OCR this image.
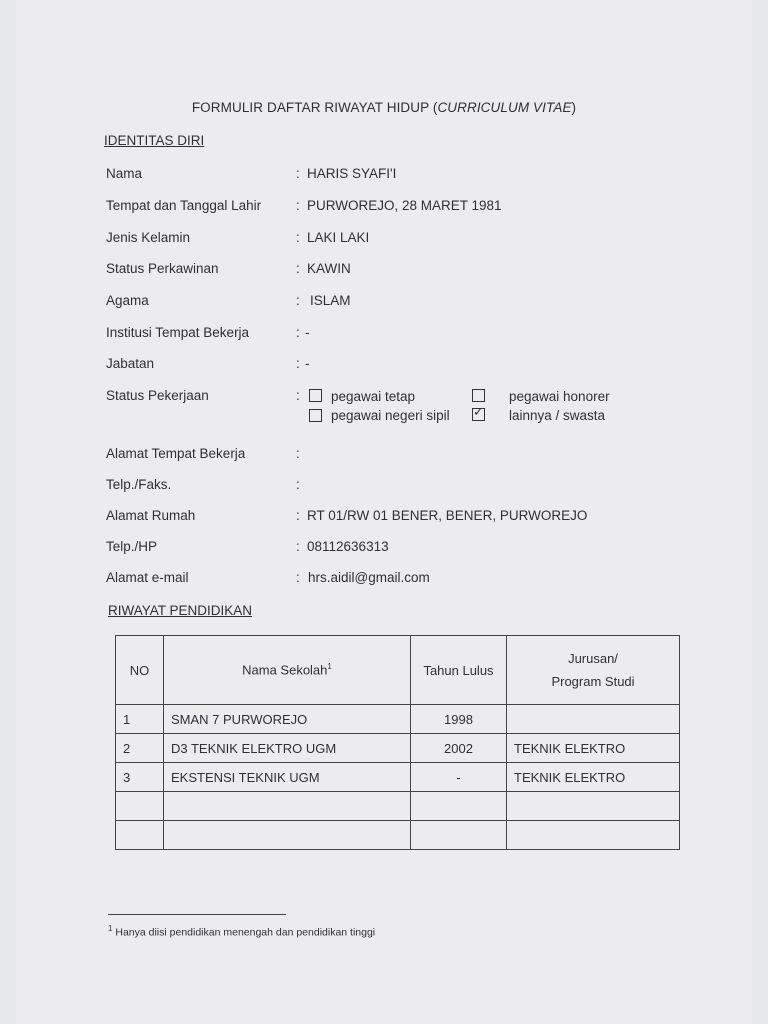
FORMULIR DAFTAR RIWAYAT HIDUP (CURRICULUM VITAE)
IDENTITAS DIRI
Nama	: HARIS SYAFI'I
Tempat dan Tanggal Lahir	: PURWOREJO, 28 MARET 1981
Jenis Kelamin	: LAKI LAKI
Status Perkawinan	: KAWIN
Agama	: ISLAM
Institusi Tempat Bekerja	: -
Jabatan	: -
Status Pekerjaan	: pegawai tetap	pegawai honorer
pegawai negeri sipil ✓	lainnya / swasta
Alamat Tempat Bekerja	:
Telp./Faks.	:
Alamat Rumah	: RT 01/RW 01 BENER, BENER, PURWOREJO
Telp./HP	: 08112636313
Alamat e-mail	: hrs.aidil@gmail.com
RIWAYAT PENDIDIKAN
NO	Nama Sekolah$^1$	Tahun Lulus	Jurusan/
Program Studi

1	SMAN 7 PURWOREJO	1998	
2	D3 TEKNIK ELEKTRO UGM	2002	TEKNIK ELEKTRO
3	EKSTENSI TEKNIK UGM	-	TEKNIK ELEKTRO

$^1$ Hanya diisi pendidikan menengah dan pendidikan tinggi
